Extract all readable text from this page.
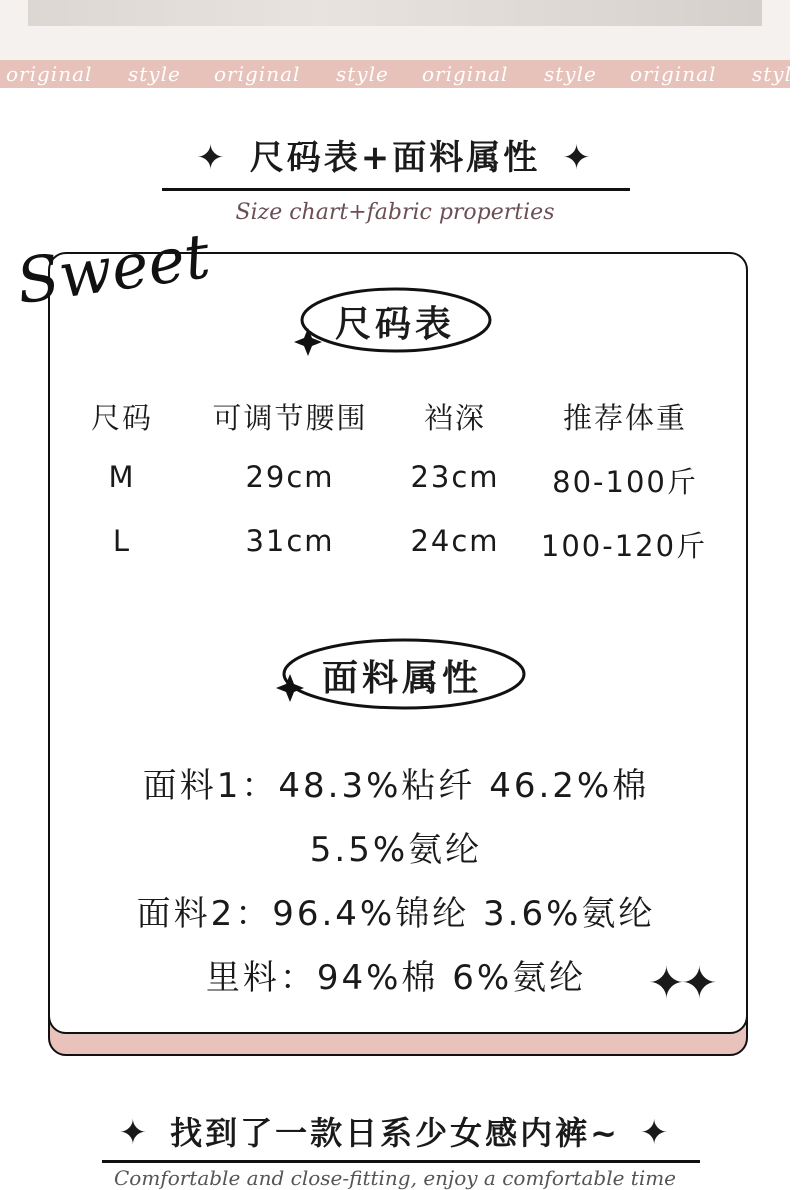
original style original style original style original style
✦ 尺码表+面料属性 ✦
Size chart+fabric properties
Sweet
尺码表
尺码	可调节腰围	裆深	推荐体重
M	29cm	23cm	80-100斤
L	31cm	24cm	100-120斤
面料属性
面料1：48.3%粘纤 46.2%棉
5.5%氨纶
面料2：96.4%锦纶 3.6%氨纶
里料：94%棉 6%氨纶	✦✦
✦ 找到了一款日系少女感内裤~ ✦
Comfortable and close-fitting, enjoy a comfortable time
